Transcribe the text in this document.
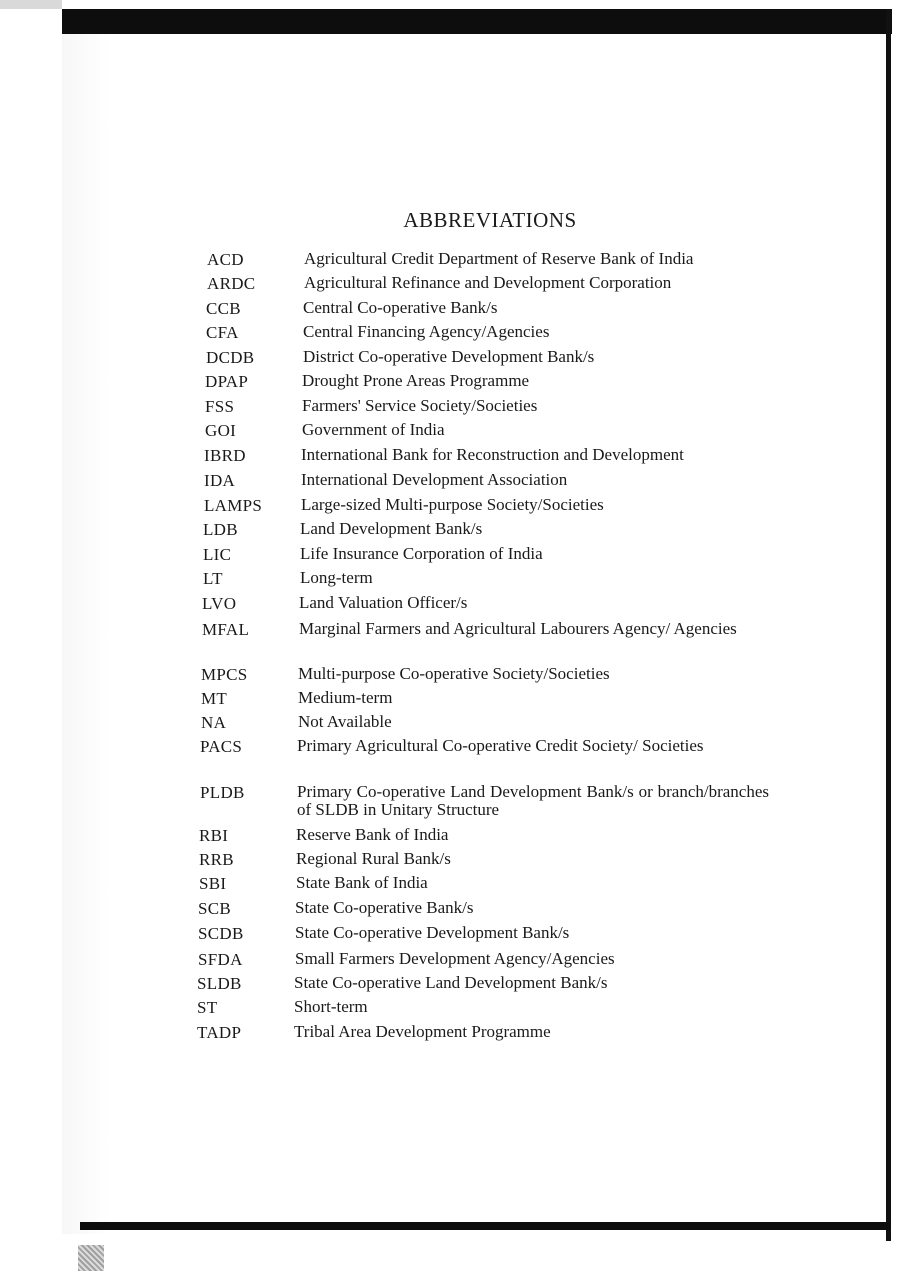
ABBREVIATIONS
ACD	Agricultural Credit Department of Reserve Bank of India
ARDC	Agricultural Refinance and Development Corporation
CCB	Central Co-operative Bank/s
CFA	Central Financing Agency/Agencies
DCDB	District Co-operative Development Bank/s
DPAP	Drought Prone Areas Programme
FSS	Farmers' Service Society/Societies
GOI	Government of India
IBRD	International Bank for Reconstruction and Development
IDA	International Development Association
LAMPS Large-sized Multi-purpose Society/Societies
LDB	Land Development Bank/s
LIC	Life Insurance Corporation of India
LT	Long-term
LVO	Land Valuation Officer/s
MFAL	Marginal Farmers and Agricultural Labourers Agency/ Agencies
MPCS	Multi-purpose Co-operative Society/Societies
MT	Medium-term
NA	Not Available
PACS	Primary Agricultural Co-operative Credit Society/ Societies
PLDB	Primary Co-operative Land Development Bank/s or branch/branches of SLDB in Unitary Structure
RBI	Reserve Bank of India
RRB	Regional Rural Bank/s
SBI	State Bank of India
SCB	State Co-operative Bank/s
SCDB	State Co-operative Development Bank/s
SFDA	Small Farmers Development Agency/Agencies
SLDB	State Co-operative Land Development Bank/s
ST	Short-term
TADP	Tribal Area Development Programme
